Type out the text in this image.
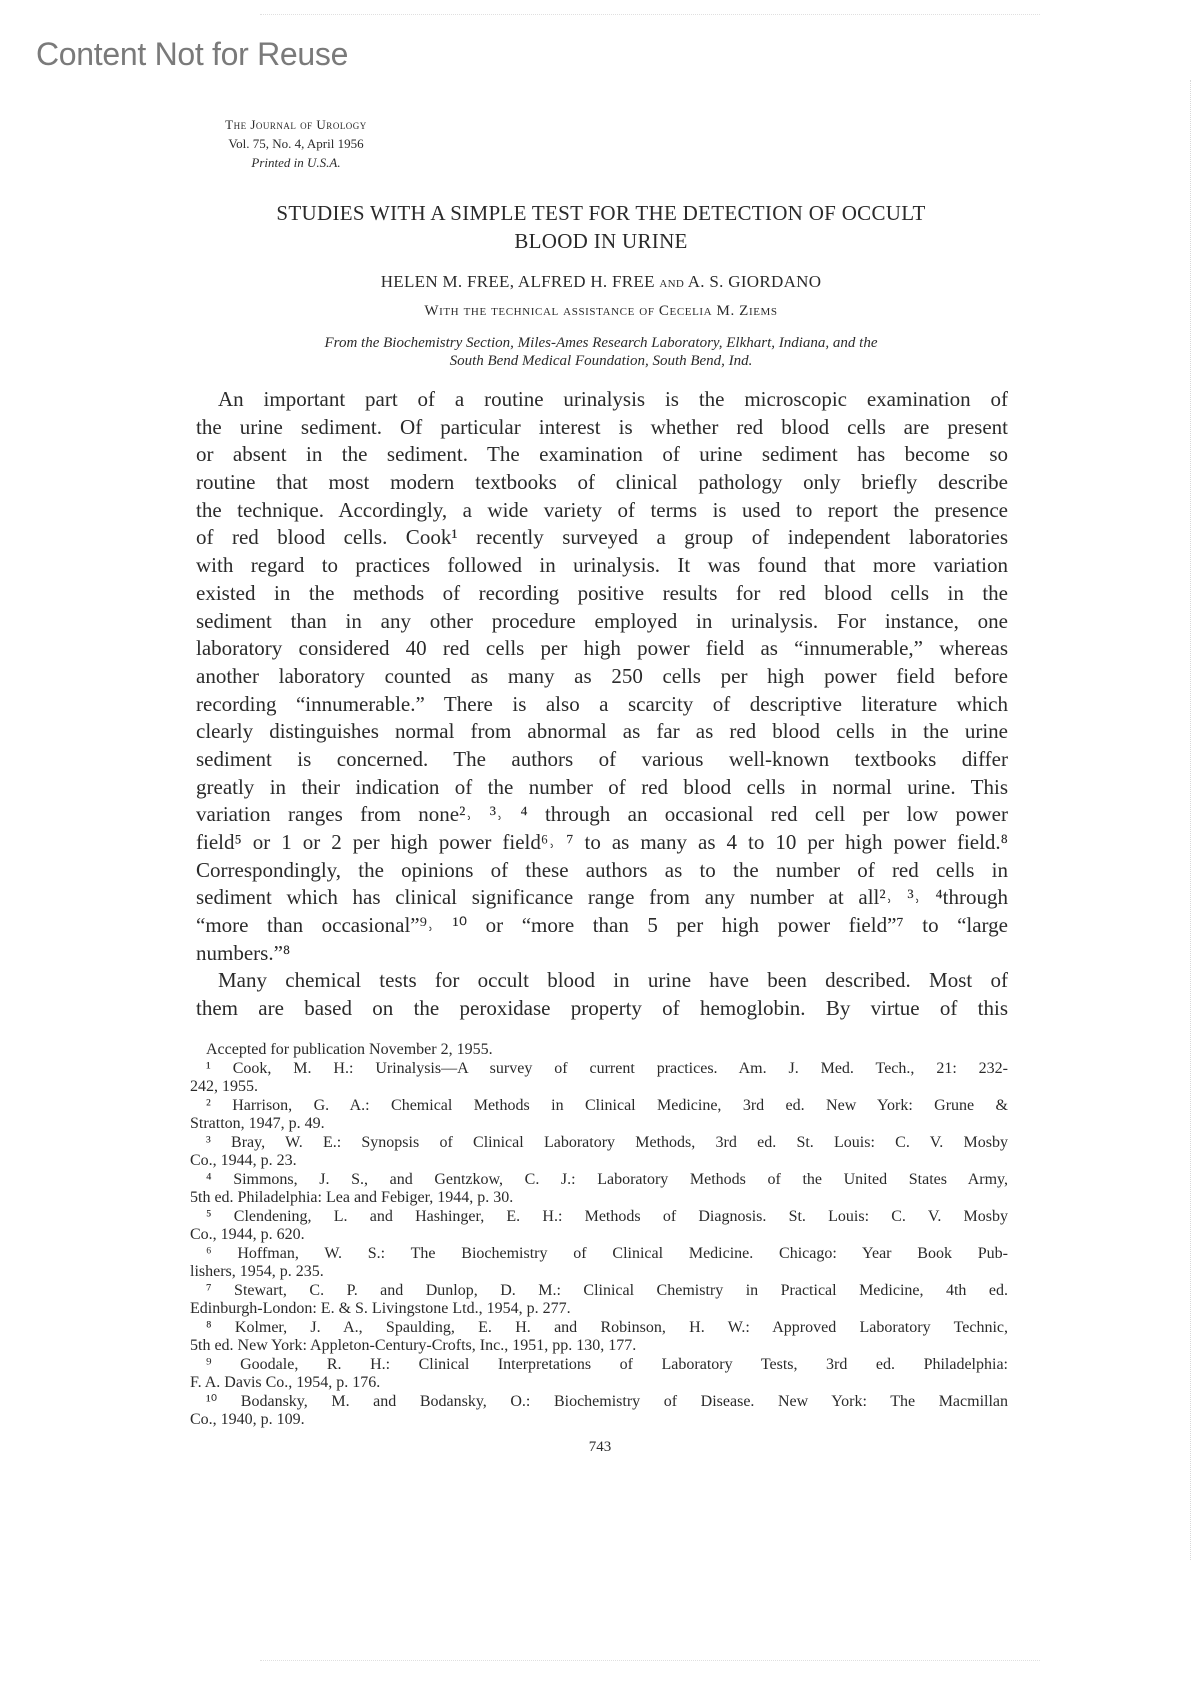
Content Not for Reuse
The Journal of Urology
Vol. 75, No. 4, April 1956
Printed in U.S.A.
STUDIES WITH A SIMPLE TEST FOR THE DETECTION OF OCCULT
BLOOD IN URINE
HELEN M. FREE, ALFRED H. FREE and A. S. GIORDANO
With the technical assistance of Cecelia M. Ziems
From the Biochemistry Section, Miles-Ames Research Laboratory, Elkhart, Indiana, and the
South Bend Medical Foundation, South Bend, Ind.
An important part of a routine urinalysis is the microscopic examination of
the urine sediment. Of particular interest is whether red blood cells are present
or absent in the sediment. The examination of urine sediment has become so
routine that most modern textbooks of clinical pathology only briefly describe
the technique. Accordingly, a wide variety of terms is used to report the presence
of red blood cells. Cook¹ recently surveyed a group of independent laboratories
with regard to practices followed in urinalysis. It was found that more variation
existed in the methods of recording positive results for red blood cells in the
sediment than in any other procedure employed in urinalysis. For instance, one
laboratory considered 40 red cells per high power field as “innumerable,” whereas
another laboratory counted as many as 250 cells per high power field before
recording “innumerable.” There is also a scarcity of descriptive literature which
clearly distinguishes normal from abnormal as far as red blood cells in the urine
sediment is concerned. The authors of various well-known textbooks differ
greatly in their indication of the number of red blood cells in normal urine. This
variation ranges from none²˒ ³˒ ⁴ through an occasional red cell per low power
field⁵ or 1 or 2 per high power field⁶˒ ⁷ to as many as 4 to 10 per high power field.⁸
Correspondingly, the opinions of these authors as to the number of red cells in
sediment which has clinical significance range from any number at all²˒ ³˒ ⁴through
“more than occasional”⁹˒ ¹⁰ or “more than 5 per high power field”⁷ to “large
numbers.”⁸
Many chemical tests for occult blood in urine have been described. Most of
them are based on the peroxidase property of hemoglobin. By virtue of this
Accepted for publication November 2, 1955.
¹ Cook, M. H.: Urinalysis—A survey of current practices. Am. J. Med. Tech., 21: 232-
242, 1955.
² Harrison, G. A.: Chemical Methods in Clinical Medicine, 3rd ed. New York: Grune &
Stratton, 1947, p. 49.
³ Bray, W. E.: Synopsis of Clinical Laboratory Methods, 3rd ed. St. Louis: C. V. Mosby
Co., 1944, p. 23.
⁴ Simmons, J. S., and Gentzkow, C. J.: Laboratory Methods of the United States Army,
5th ed. Philadelphia: Lea and Febiger, 1944, p. 30.
⁵ Clendening, L. and Hashinger, E. H.: Methods of Diagnosis. St. Louis: C. V. Mosby
Co., 1944, p. 620.
⁶ Hoffman, W. S.: The Biochemistry of Clinical Medicine. Chicago: Year Book Pub-
lishers, 1954, p. 235.
⁷ Stewart, C. P. and Dunlop, D. M.: Clinical Chemistry in Practical Medicine, 4th ed.
Edinburgh-London: E. & S. Livingstone Ltd., 1954, p. 277.
⁸ Kolmer, J. A., Spaulding, E. H. and Robinson, H. W.: Approved Laboratory Technic,
5th ed. New York: Appleton-Century-Crofts, Inc., 1951, pp. 130, 177.
⁹ Goodale, R. H.: Clinical Interpretations of Laboratory Tests, 3rd ed. Philadelphia:
F. A. Davis Co., 1954, p. 176.
¹⁰ Bodansky, M. and Bodansky, O.: Biochemistry of Disease. New York: The Macmillan
Co., 1940, p. 109.
743
